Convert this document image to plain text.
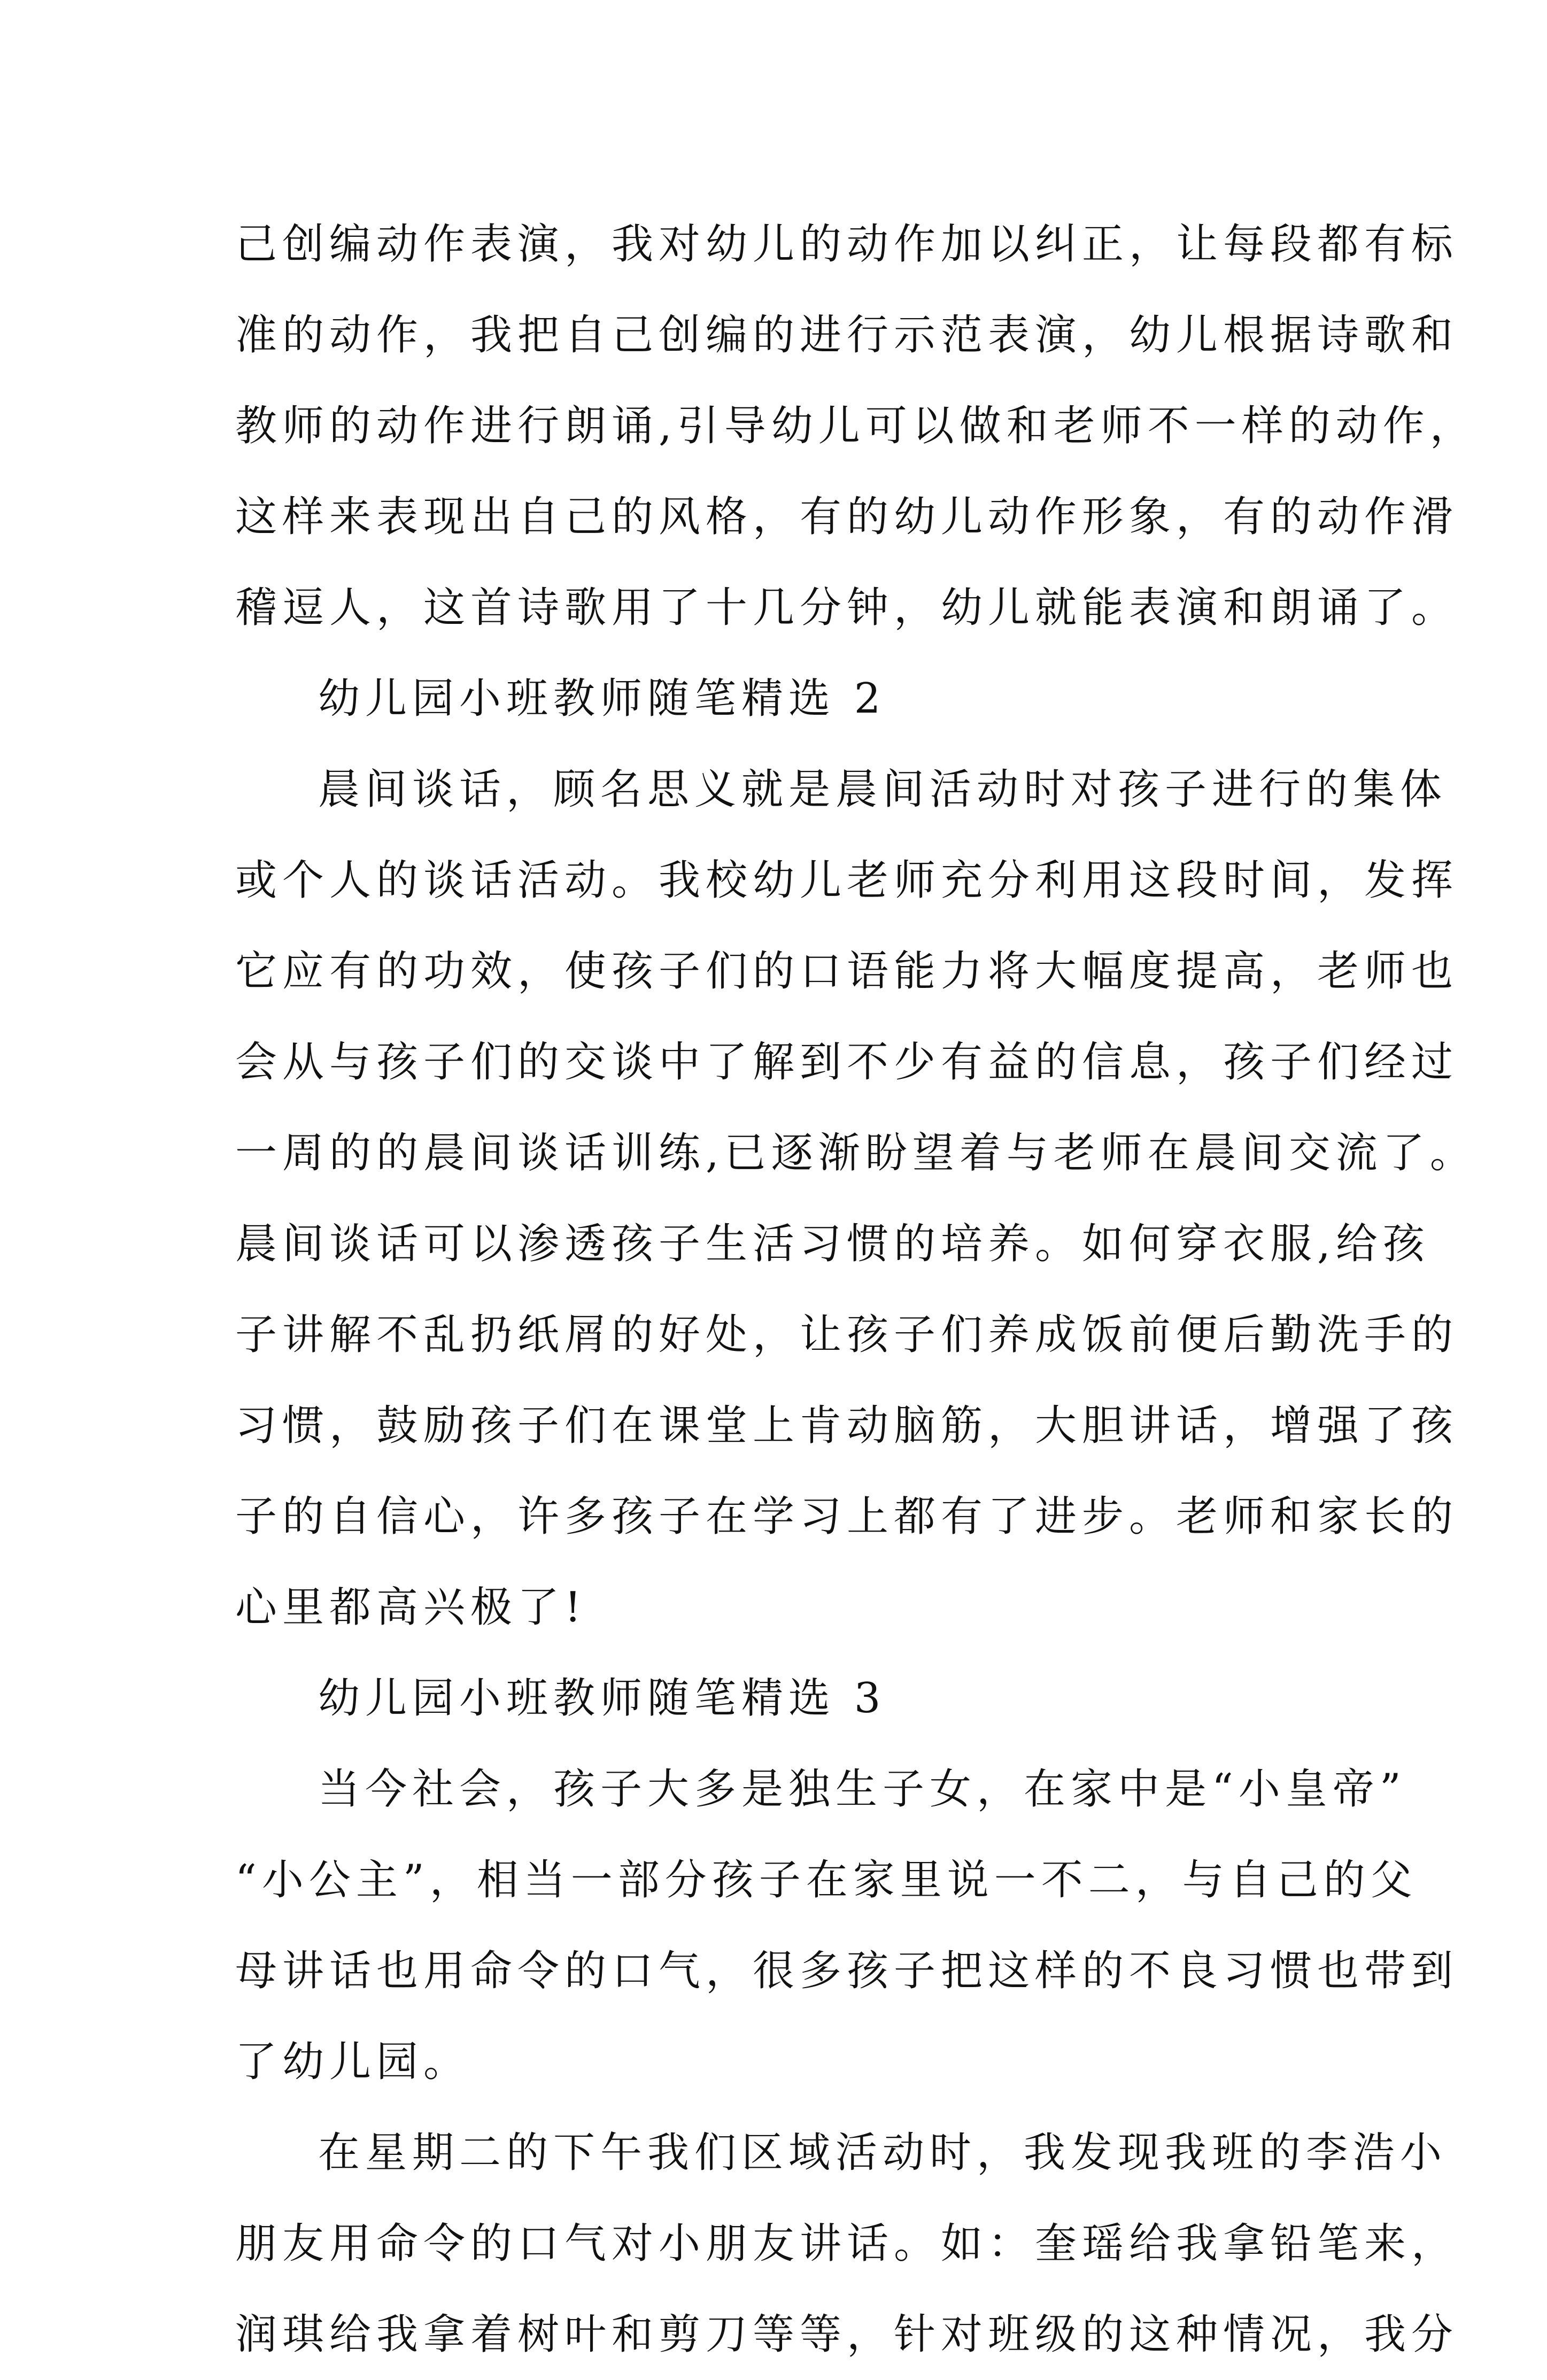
己创编动作表演，我对幼儿的动作加以纠正，让每段都有标
准的动作，我把自己创编的进行示范表演，幼儿根据诗歌和
教师的动作进行朗诵,引导幼儿可以做和老师不一样的动作，
这样来表现出自己的风格，有的幼儿动作形象，有的动作滑
稽逗人，这首诗歌用了十几分钟，幼儿就能表演和朗诵了。
幼儿园小班教师随笔精选 2
晨间谈话，顾名思义就是晨间活动时对孩子进行的集体
或个人的谈话活动。我校幼儿老师充分利用这段时间，发挥
它应有的功效，使孩子们的口语能力将大幅度提高，老师也
会从与孩子们的交谈中了解到不少有益的信息，孩子们经过
一周的的晨间谈话训练,已逐渐盼望着与老师在晨间交流了。
晨间谈话可以渗透孩子生活习惯的培养。如何穿衣服,给孩
子讲解不乱扔纸屑的好处，让孩子们养成饭前便后勤洗手的
习惯，鼓励孩子们在课堂上肯动脑筋，大胆讲话，增强了孩
子的自信心，许多孩子在学习上都有了进步。老师和家长的
心里都高兴极了!
幼儿园小班教师随笔精选 3
当今社会，孩子大多是独生子女，在家中是“小皇帝”
“小公主”，相当一部分孩子在家里说一不二，与自己的父
母讲话也用命令的口气，很多孩子把这样的不良习惯也带到
了幼儿园。
在星期二的下午我们区域活动时，我发现我班的李浩小
朋友用命令的口气对小朋友讲话。如：奎瑶给我拿铅笔来，
润琪给我拿着树叶和剪刀等等，针对班级的这种情况，我分
